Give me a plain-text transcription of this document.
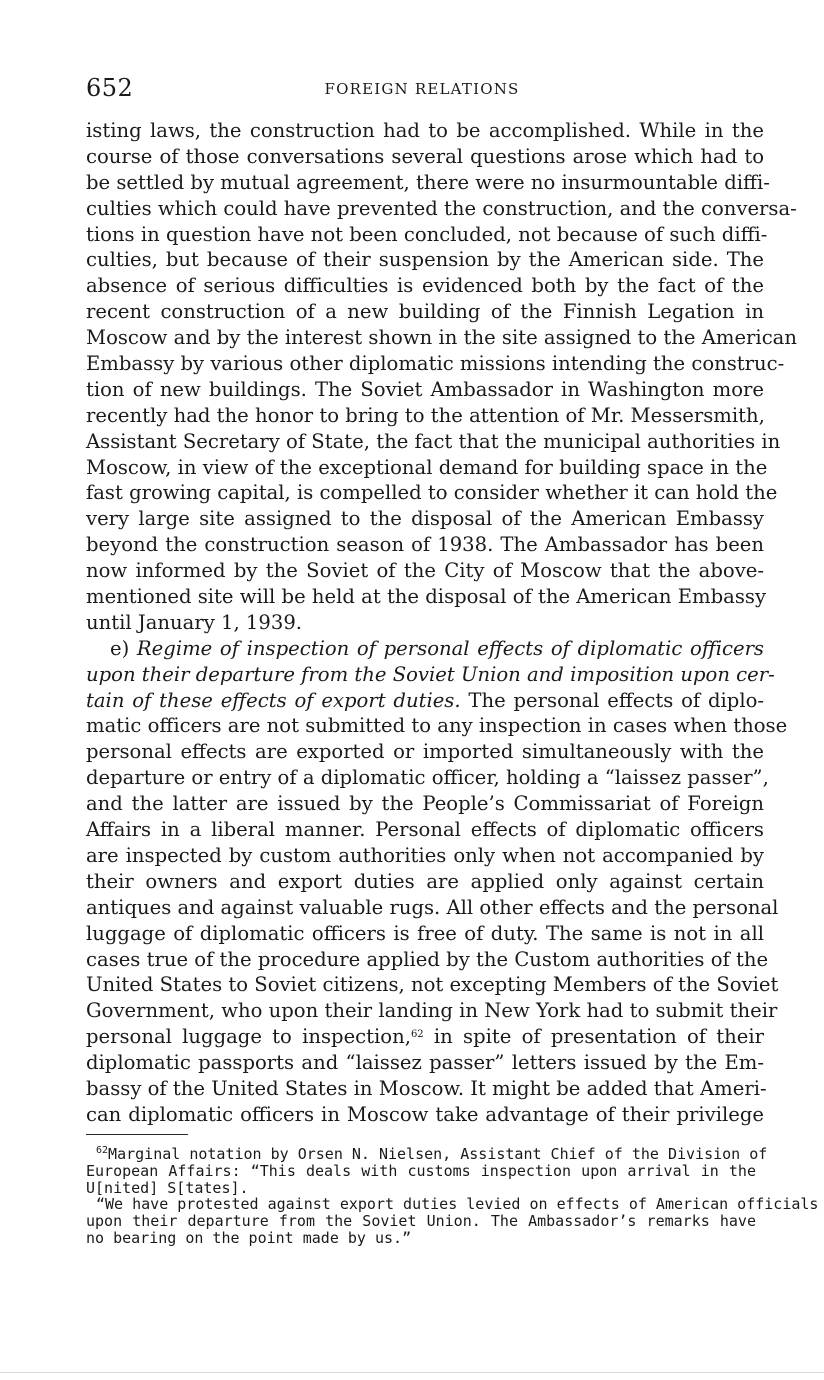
652	FOREIGN RELATIONS
isting laws, the construction had to be accomplished. While in the
course of those conversations several questions arose which had to
be settled by mutual agreement, there were no insurmountable diffi-
culties which could have prevented the construction, and the conversa-
tions in question have not been concluded, not because of such diffi-
culties, but because of their suspension by the American side. The
absence of serious difficulties is evidenced both by the fact of the
recent construction of a new building of the Finnish Legation in
Moscow and by the interest shown in the site assigned to the American
Embassy by various other diplomatic missions intending the construc-
tion of new buildings. The Soviet Ambassador in Washington more
recently had the honor to bring to the attention of Mr. Messersmith,
Assistant Secretary of State, the fact that the municipal authorities in
Moscow, in view of the exceptional demand for building space in the
fast growing capital, is compelled to consider whether it can hold the
very large site assigned to the disposal of the American Embassy
beyond the construction season of 1938. The Ambassador has been
now informed by the Soviet of the City of Moscow that the above-
mentioned site will be held at the disposal of the American Embassy
until January 1, 1939.
e) Regime of inspection of personal effects of diplomatic officers
upon their departure from the Soviet Union and imposition upon cer-
tain of these effects of export duties. The personal effects of diplo-
matic officers are not submitted to any inspection in cases when those
personal effects are exported or imported simultaneously with the
departure or entry of a diplomatic officer, holding a “laissez passer”,
and the latter are issued by the People’s Commissariat of Foreign
Affairs in a liberal manner. Personal effects of diplomatic officers
are inspected by custom authorities only when not accompanied by
their owners and export duties are applied only against certain
antiques and against valuable rugs. All other effects and the personal
luggage of diplomatic officers is free of duty. The same is not in all
cases true of the procedure applied by the Custom authorities of the
United States to Soviet citizens, not excepting Members of the Soviet
Government, who upon their landing in New York had to submit their
personal luggage to inspection,$^{62}$ in spite of presentation of their
diplomatic passports and “laissez passer” letters issued by the Em-
bassy of the United States in Moscow. It might be added that Ameri-
can diplomatic officers in Moscow take advantage of their privilege
$^{62}$Marginal notation by Orsen N. Nielsen, Assistant Chief of the Division of
European Affairs: “This deals with customs inspection upon arrival in the
U[nited] S[tates].
“We have protested against export duties levied on effects of American officials
upon their departure from the Soviet Union. The Ambassador’s remarks have
no bearing on the point made by us.”
